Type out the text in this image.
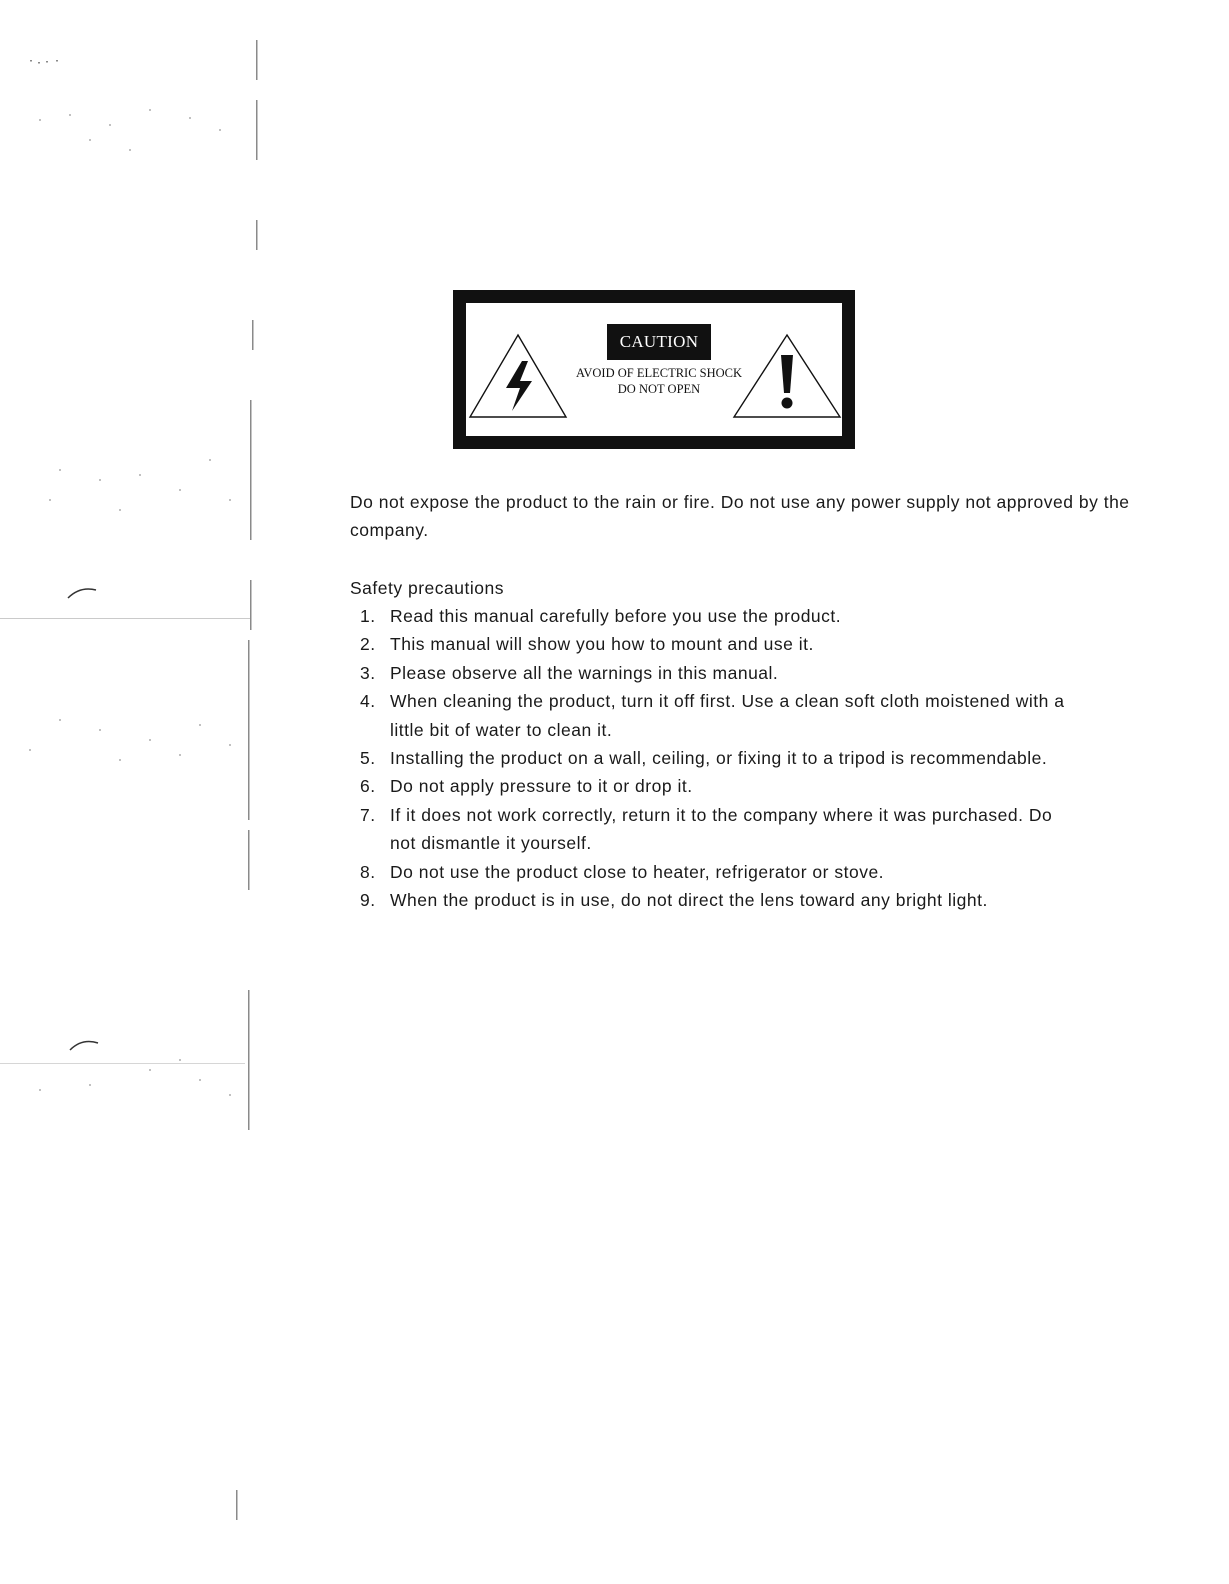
CAUTION
AVOID OF ELECTRIC SHOCK
DO NOT OPEN

Do not expose the product to the rain or fire. Do not use any power supply not approved by the company.

Safety precautions

1. Read this manual carefully before you use the product.
2. This manual will show you how to mount and use it.
3. Please observe all the warnings in this manual.
4. When cleaning the product, turn it off first. Use a clean soft cloth moistened with a little bit of water to clean it.
5. Installing the product on a wall, ceiling, or fixing it to a tripod is recommendable.
6. Do not apply pressure to it or drop it.
7. If it does not work correctly, return it to the company where it was purchased. Do not dismantle it yourself.
8. Do not use the product close to heater, refrigerator or stove.
9. When the product is in use, do not direct the lens toward any bright light.
